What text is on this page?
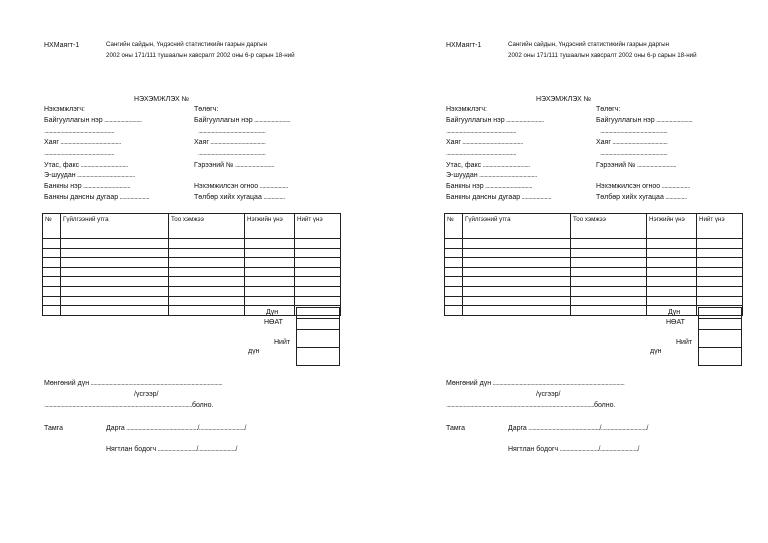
НХМаягт-1	Сангийн сайдын, Үндэсний статистикийн газрын даргын
2002 оны 171/111 тушаалын хавсралт 2002 оны 6-р сарын 18-ний
НЭХЭМЖЛЭХ №
Нэхэмжлэгч:	Төлөгч:
Байгууллагын нэр ............................	Байгууллагын нэр ...........................
....................................................	..................................................
Хаяг .............................................	Хаяг .........................................
....................................................	..................................................
Утас, факс ...................................	Гэрээний № .............................
Э-шуудан ...........................................
Банкны нэр ...................................	Нэхэмжилсэн огноо .....................
Банкны дансны дугаар ......................	Төлбөр хийх хугацаа ................
№	Гүйлгээний утга	Тоо хэмжээ	Нэгжийн үнэ	Нийт үнэ

Дүн
НӨАТ
Нийт
дүн

Мөнгөний дүн ..................................................................................................
/үсгээр/
..............................................................................................................болно.
Тамга	Дарга ...................................................../................................../
Нягтлан бодогч ............................./............................/
НХМаягт-1	Сангийн сайдын, Үндэсний статистикийн газрын даргын
2002 оны 171/111 тушаалын хавсралт 2002 оны 6-р сарын 18-ний
НЭХЭМЖЛЭХ №
Нэхэмжлэгч:	Төлөгч:
Байгууллагын нэр ............................	Байгууллагын нэр ...........................
....................................................	..................................................
Хаяг .............................................	Хаяг .........................................
....................................................	..................................................
Утас, факс ...................................	Гэрээний № .............................
Э-шуудан ...........................................
Банкны нэр ...................................	Нэхэмжилсэн огноо .....................
Банкны дансны дугаар ......................	Төлбөр хийх хугацаа ................
№	Гүйлгээний утга	Тоо хэмжээ	Нэгжийн үнэ	Нийт үнэ

Дүн
НӨАТ
Нийт
дүн

Мөнгөний дүн ..................................................................................................
/үсгээр/
..............................................................................................................болно.
Тамга	Дарга ...................................................../................................../
Нягтлан бодогч ............................./............................/
